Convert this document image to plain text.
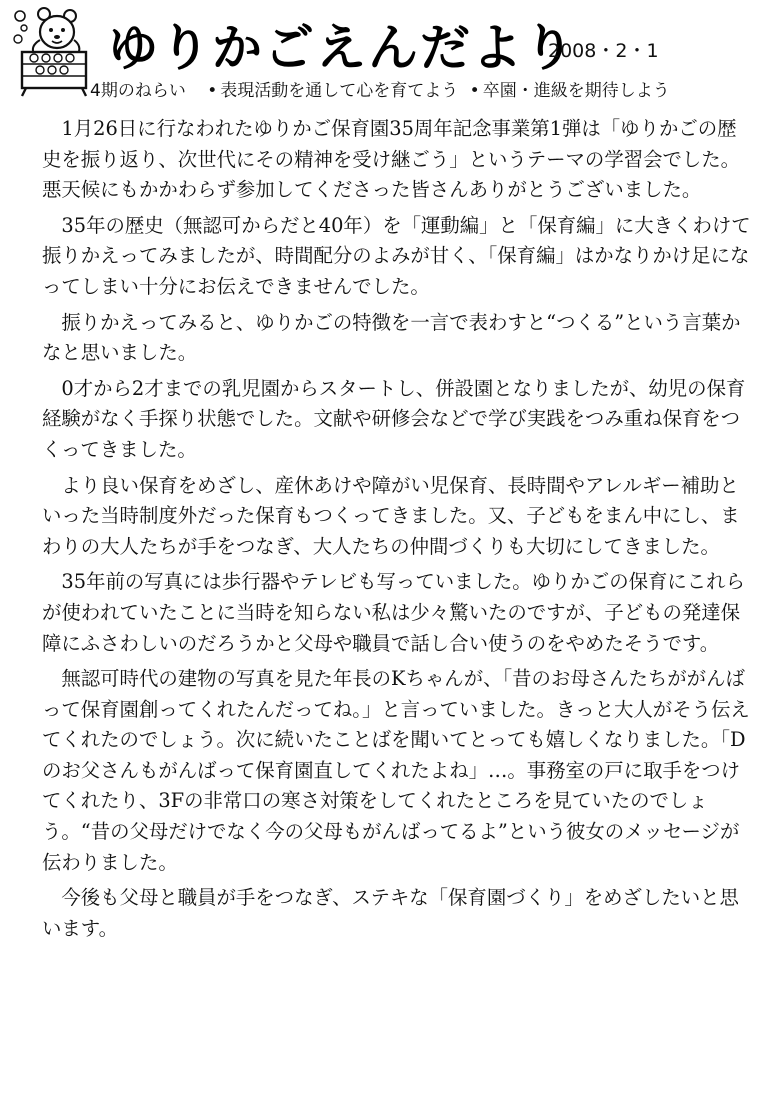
ゆりかごえんだより
2008・2・1
4期のねらい • 表現活動を通して心を育てよう • 卒園・進級を期待しよう

1月26日に行なわれたゆりかご保育園35周年記念事業第1弾は「ゆりかごの歴史を振り返り、次世代にその精神を受け継ごう」というテーマの学習会でした。悪天候にもかかわらず参加してくださった皆さんありがとうございました。

35年の歴史（無認可からだと40年）を「運動編」と「保育編」に大きくわけて振りかえってみましたが、時間配分のよみが甘く、「保育編」はかなりかけ足になってしまい十分にお伝えできませんでした。

振りかえってみると、ゆりかごの特徴を一言で表わすと“つくる”という言葉かなと思いました。

0才から2才までの乳児園からスタートし、併設園となりましたが、幼児の保育経験がなく手探り状態でした。文献や研修会などで学び実践をつみ重ね保育をつくってきました。

より良い保育をめざし、産休あけや障がい児保育、長時間やアレルギー補助といった当時制度外だった保育もつくってきました。又、子どもをまん中にし、まわりの大人たちが手をつなぎ、大人たちの仲間づくりも大切にしてきました。

35年前の写真には歩行器やテレビも写っていました。ゆりかごの保育にこれらが使われていたことに当時を知らない私は少々驚いたのですが、子どもの発達保障にふさわしいのだろうかと父母や職員で話し合い使うのをやめたそうです。

無認可時代の建物の写真を見た年長のKちゃんが、「昔のお母さんたちががんばって保育園創ってくれたんだってね。」と言っていました。きっと大人がそう伝えてくれたのでしょう。次に続いたことばを聞いてとっても嬉しくなりました。「Dのお父さんもがんばって保育園直してくれたよね」…。事務室の戸に取手をつけてくれたり、3Fの非常口の寒さ対策をしてくれたところを見ていたのでしょう。“昔の父母だけでなく今の父母もがんばってるよ”という彼女のメッセージが伝わりました。

今後も父母と職員が手をつなぎ、ステキな「保育園づくり」をめざしたいと思います。
